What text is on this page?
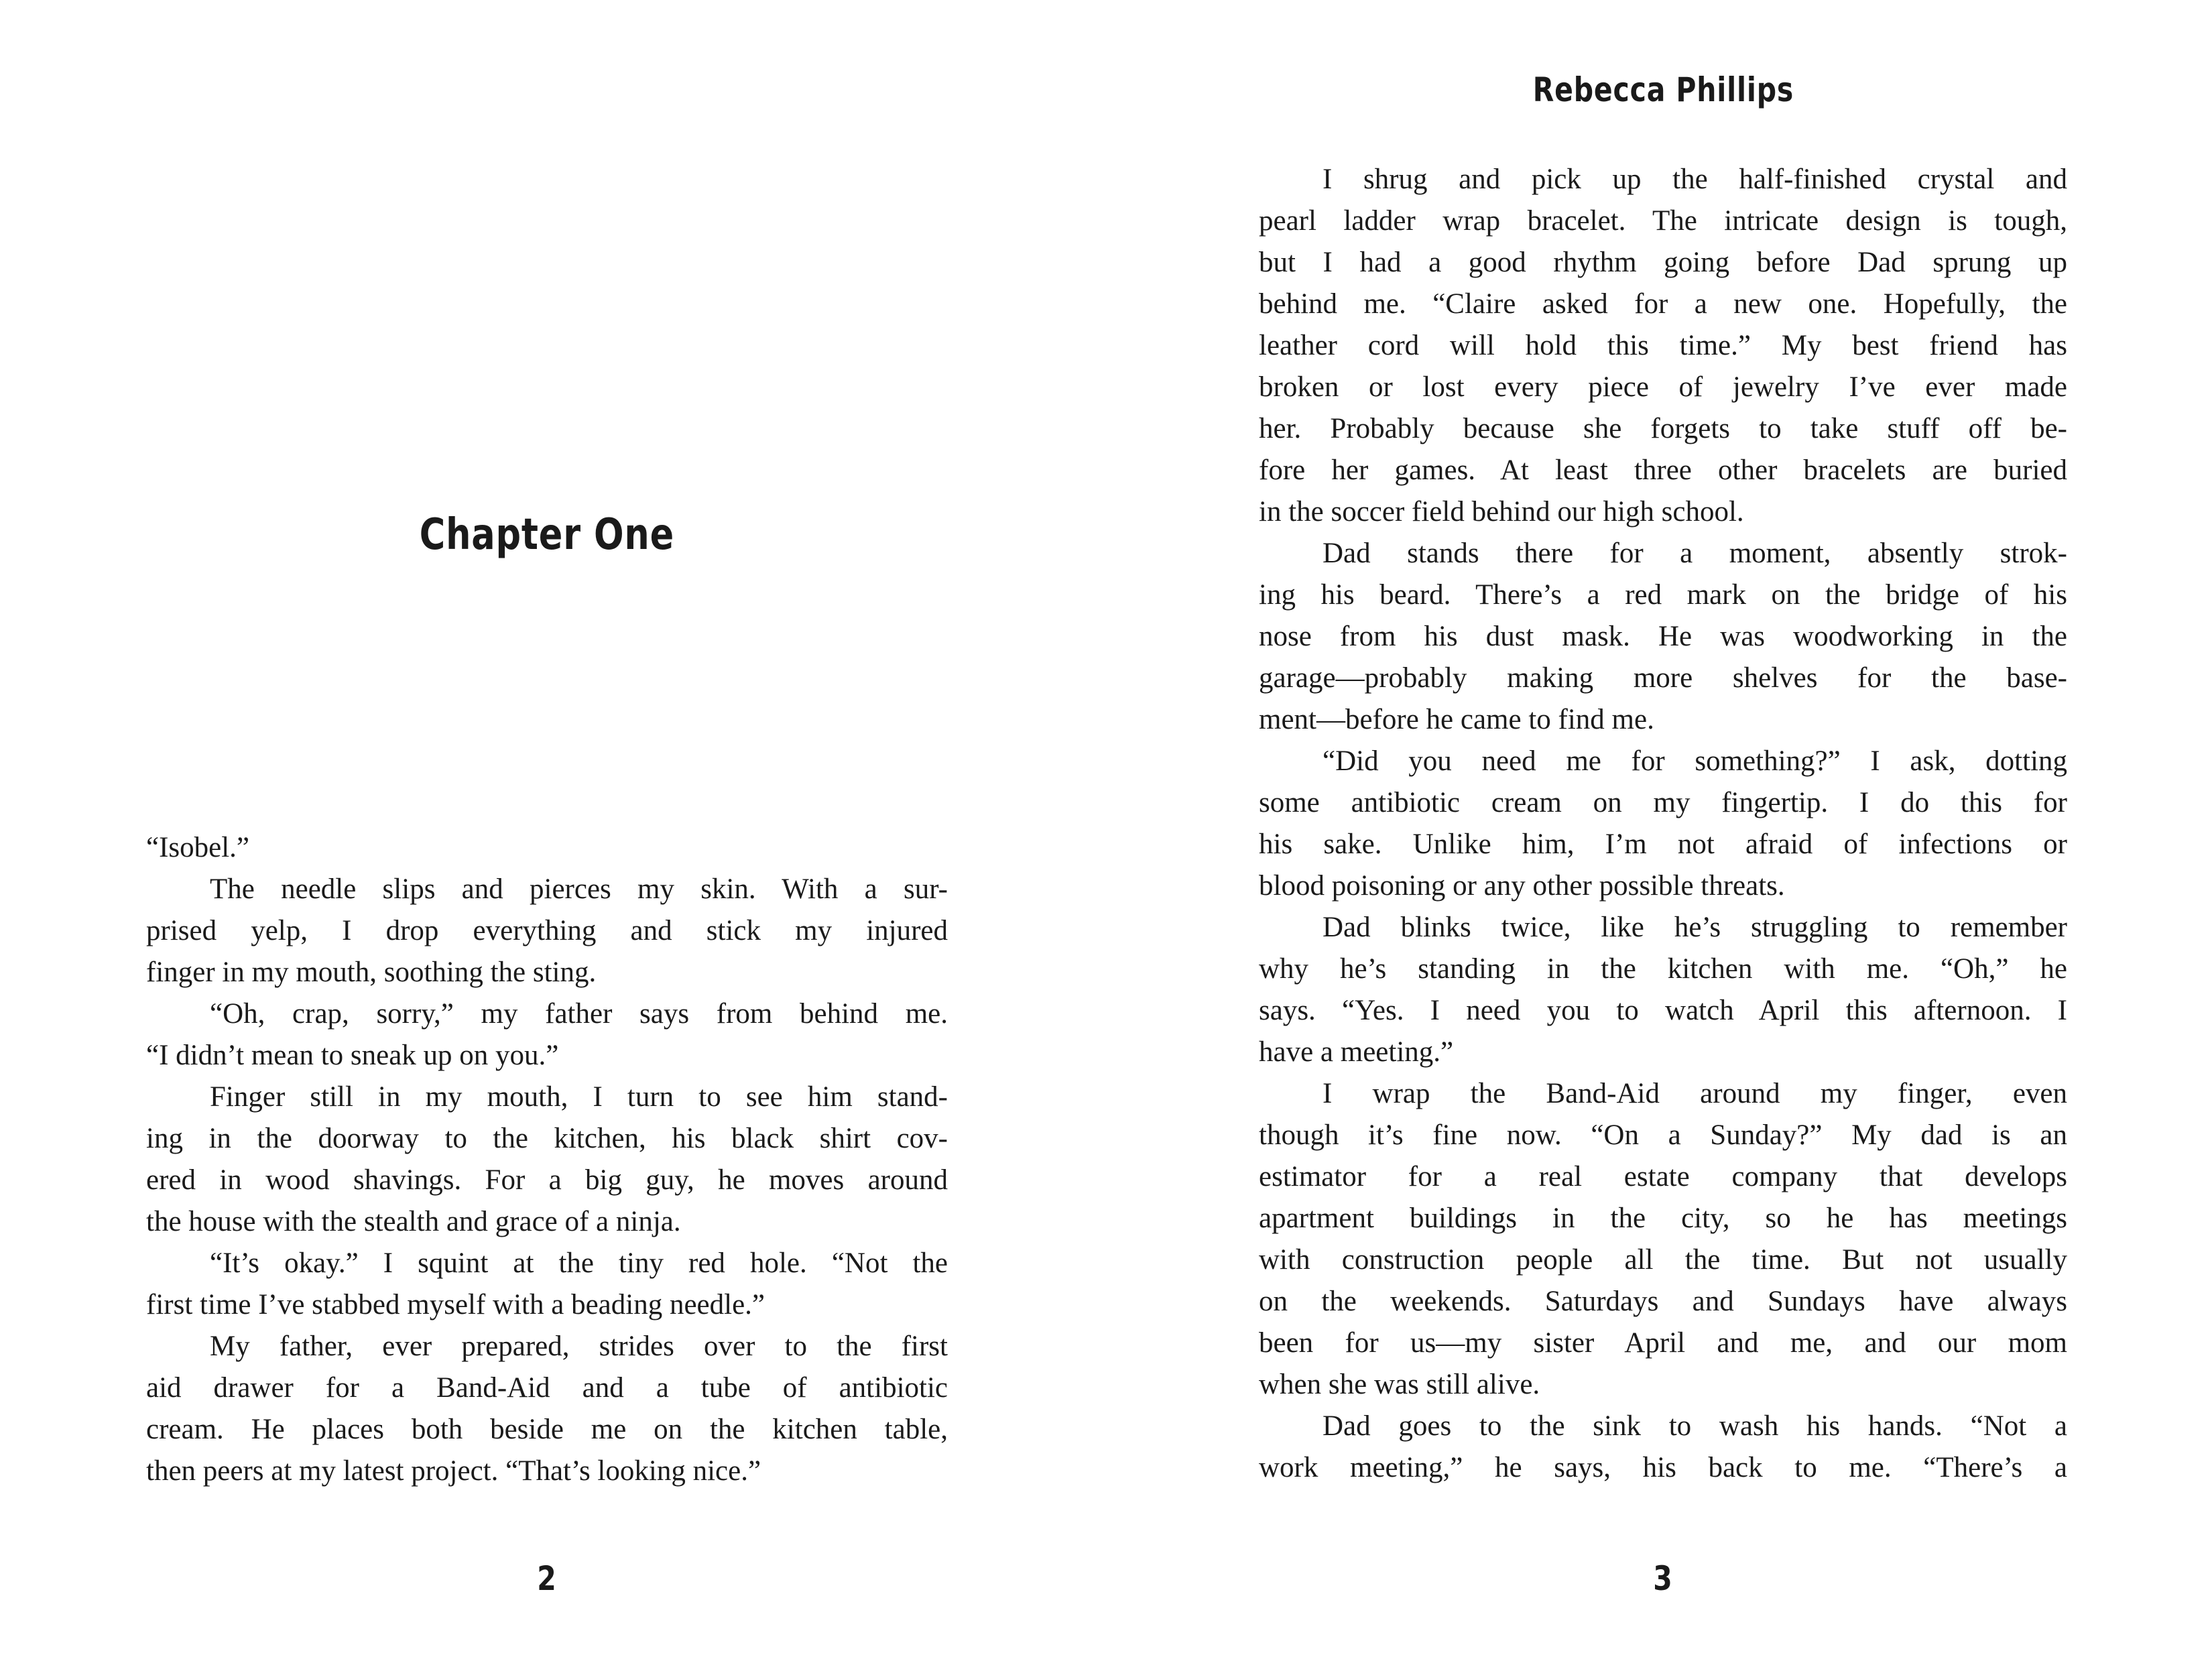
Chapter One
“Isobel.”
The needle slips and pierces my skin. With a sur-
prised yelp, I drop everything and stick my injured
finger in my mouth, soothing the sting.
“Oh, crap, sorry,” my father says from behind me.
“I didn’t mean to sneak up on you.”
Finger still in my mouth, I turn to see him stand-
ing in the doorway to the kitchen, his black shirt cov-
ered in wood shavings. For a big guy, he moves around
the house with the stealth and grace of a ninja.
“It’s okay.” I squint at the tiny red hole. “Not the
first time I’ve stabbed myself with a beading needle.”
My father, ever prepared, strides over to the first
aid drawer for a Band-Aid and a tube of antibiotic
cream. He places both beside me on the kitchen table,
then peers at my latest project. “That’s looking nice.”
2
Rebecca Phillips
I shrug and pick up the half-finished crystal and
pearl ladder wrap bracelet. The intricate design is tough,
but I had a good rhythm going before Dad sprung up
behind me. “Claire asked for a new one. Hopefully, the
leather cord will hold this time.” My best friend has
broken or lost every piece of jewelry I’ve ever made
her. Probably because she forgets to take stuff off be-
fore her games. At least three other bracelets are buried
in the soccer field behind our high school.
Dad stands there for a moment, absently strok-
ing his beard. There’s a red mark on the bridge of his
nose from his dust mask. He was woodworking in the
garage—probably making more shelves for the base-
ment—before he came to find me.
“Did you need me for something?” I ask, dotting
some antibiotic cream on my fingertip. I do this for
his sake. Unlike him, I’m not afraid of infections or
blood poisoning or any other possible threats.
Dad blinks twice, like he’s struggling to remember
why he’s standing in the kitchen with me. “Oh,” he
says. “Yes. I need you to watch April this afternoon. I
have a meeting.”
I wrap the Band-Aid around my finger, even
though it’s fine now. “On a Sunday?” My dad is an
estimator for a real estate company that develops
apartment buildings in the city, so he has meetings
with construction people all the time. But not usually
on the weekends. Saturdays and Sundays have always
been for us—my sister April and me, and our mom
when she was still alive.
Dad goes to the sink to wash his hands. “Not a
work meeting,” he says, his back to me. “There’s a
3
